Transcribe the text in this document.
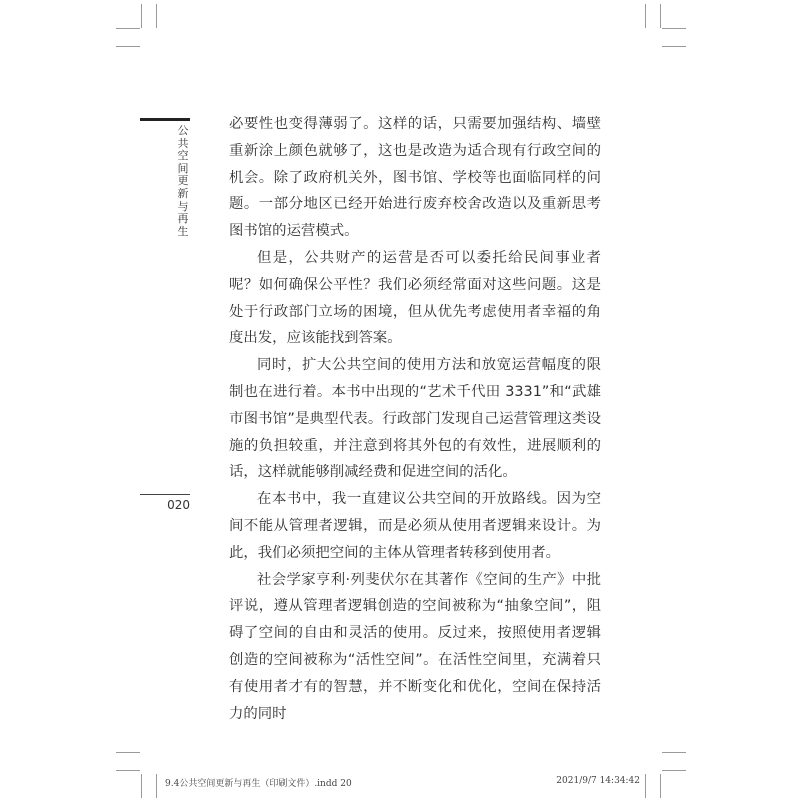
公共空间更新与再生
020

必要性也变得薄弱了。这样的话，只需要加强结构、墙壁重新涂上颜色就够了，这也是改造为适合现有行政空间的机会。除了政府机关外，图书馆、学校等也面临同样的问题。一部分地区已经开始进行废弃校舍改造以及重新思考图书馆的运营模式。

但是，公共财产的运营是否可以委托给民间事业者呢？如何确保公平性？我们必须经常面对这些问题。这是处于行政部门立场的困境，但从优先考虑使用者幸福的角度出发，应该能找到答案。

同时，扩大公共空间的使用方法和放宽运营幅度的限制也在进行着。本书中出现的“艺术千代田 3331”和“武雄市图书馆”是典型代表。行政部门发现自己运营管理这类设施的负担较重，并注意到将其外包的有效性，进展顺利的话，这样就能够削减经费和促进空间的活化。

在本书中，我一直建议公共空间的开放路线。因为空间不能从管理者逻辑，而是必须从使用者逻辑来设计。为此，我们必须把空间的主体从管理者转移到使用者。

社会学家亨利·列斐伏尔在其著作《空间的生产》中批评说，遵从管理者逻辑创造的空间被称为“抽象空间”，阻碍了空间的自由和灵活的使用。反过来，按照使用者逻辑创造的空间被称为“活性空间”。在活性空间里，充满着只有使用者才有的智慧，并不断变化和优化，空间在保持活力的同时

9.4公共空间更新与再生（印刷文件）.indd 20	2021/9/7 14:34:42
